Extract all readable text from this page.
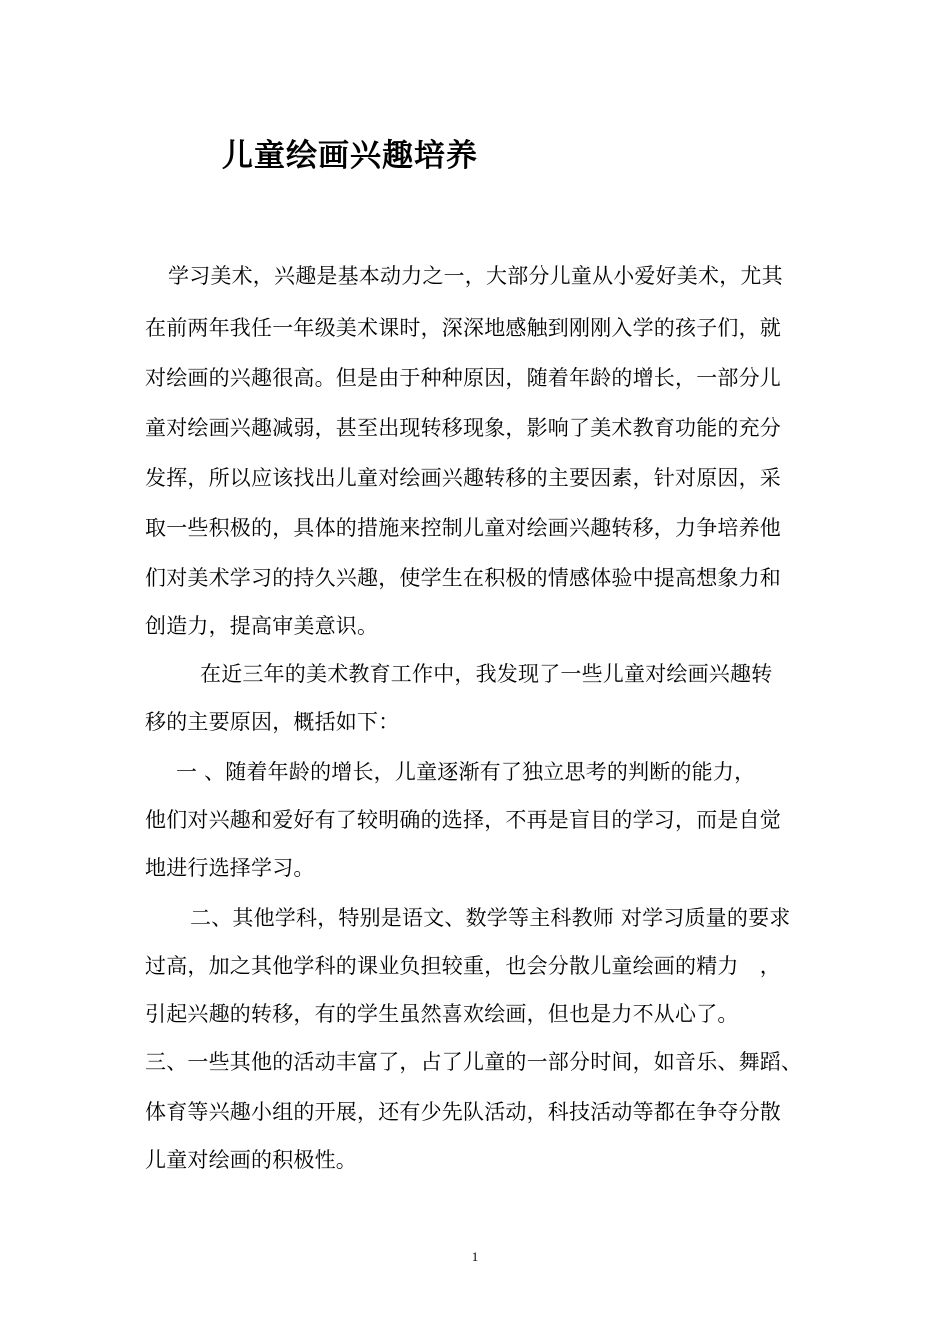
儿童绘画兴趣培养
学习美术，兴趣是基本动力之一，大部分儿童从小爱好美术，尤其
在前两年我任一年级美术课时，深深地感触到刚刚入学的孩子们，就
对绘画的兴趣很高。但是由于种种原因，随着年龄的增长，一部分儿
童对绘画兴趣减弱，甚至出现转移现象，影响了美术教育功能的充分
发挥，所以应该找出儿童对绘画兴趣转移的主要因素，针对原因，采
取一些积极的，具体的措施来控制儿童对绘画兴趣转移，力争培养他
们对美术学习的持久兴趣，使学生在积极的情感体验中提高想象力和
创造力，提高审美意识。
在近三年的美术教育工作中，我发现了一些儿童对绘画兴趣转
移的主要原因，概括如下：
一 、随着年龄的增长，儿童逐渐有了独立思考的判断的能力，
他们对兴趣和爱好有了较明确的选择，不再是盲目的学习，而是自觉
地进行选择学习。
二、其他学科，特别是语文、数学等主科教师 对学习质量的要求
过高，加之其他学科的课业负担较重，也会分散儿童绘画的精力　，
引起兴趣的转移，有的学生虽然喜欢绘画，但也是力不从心了。
三、一些其他的活动丰富了，占了儿童的一部分时间，如音乐、舞蹈、
体育等兴趣小组的开展，还有少先队活动，科技活动等都在争夺分散
儿童对绘画的积极性。
1
